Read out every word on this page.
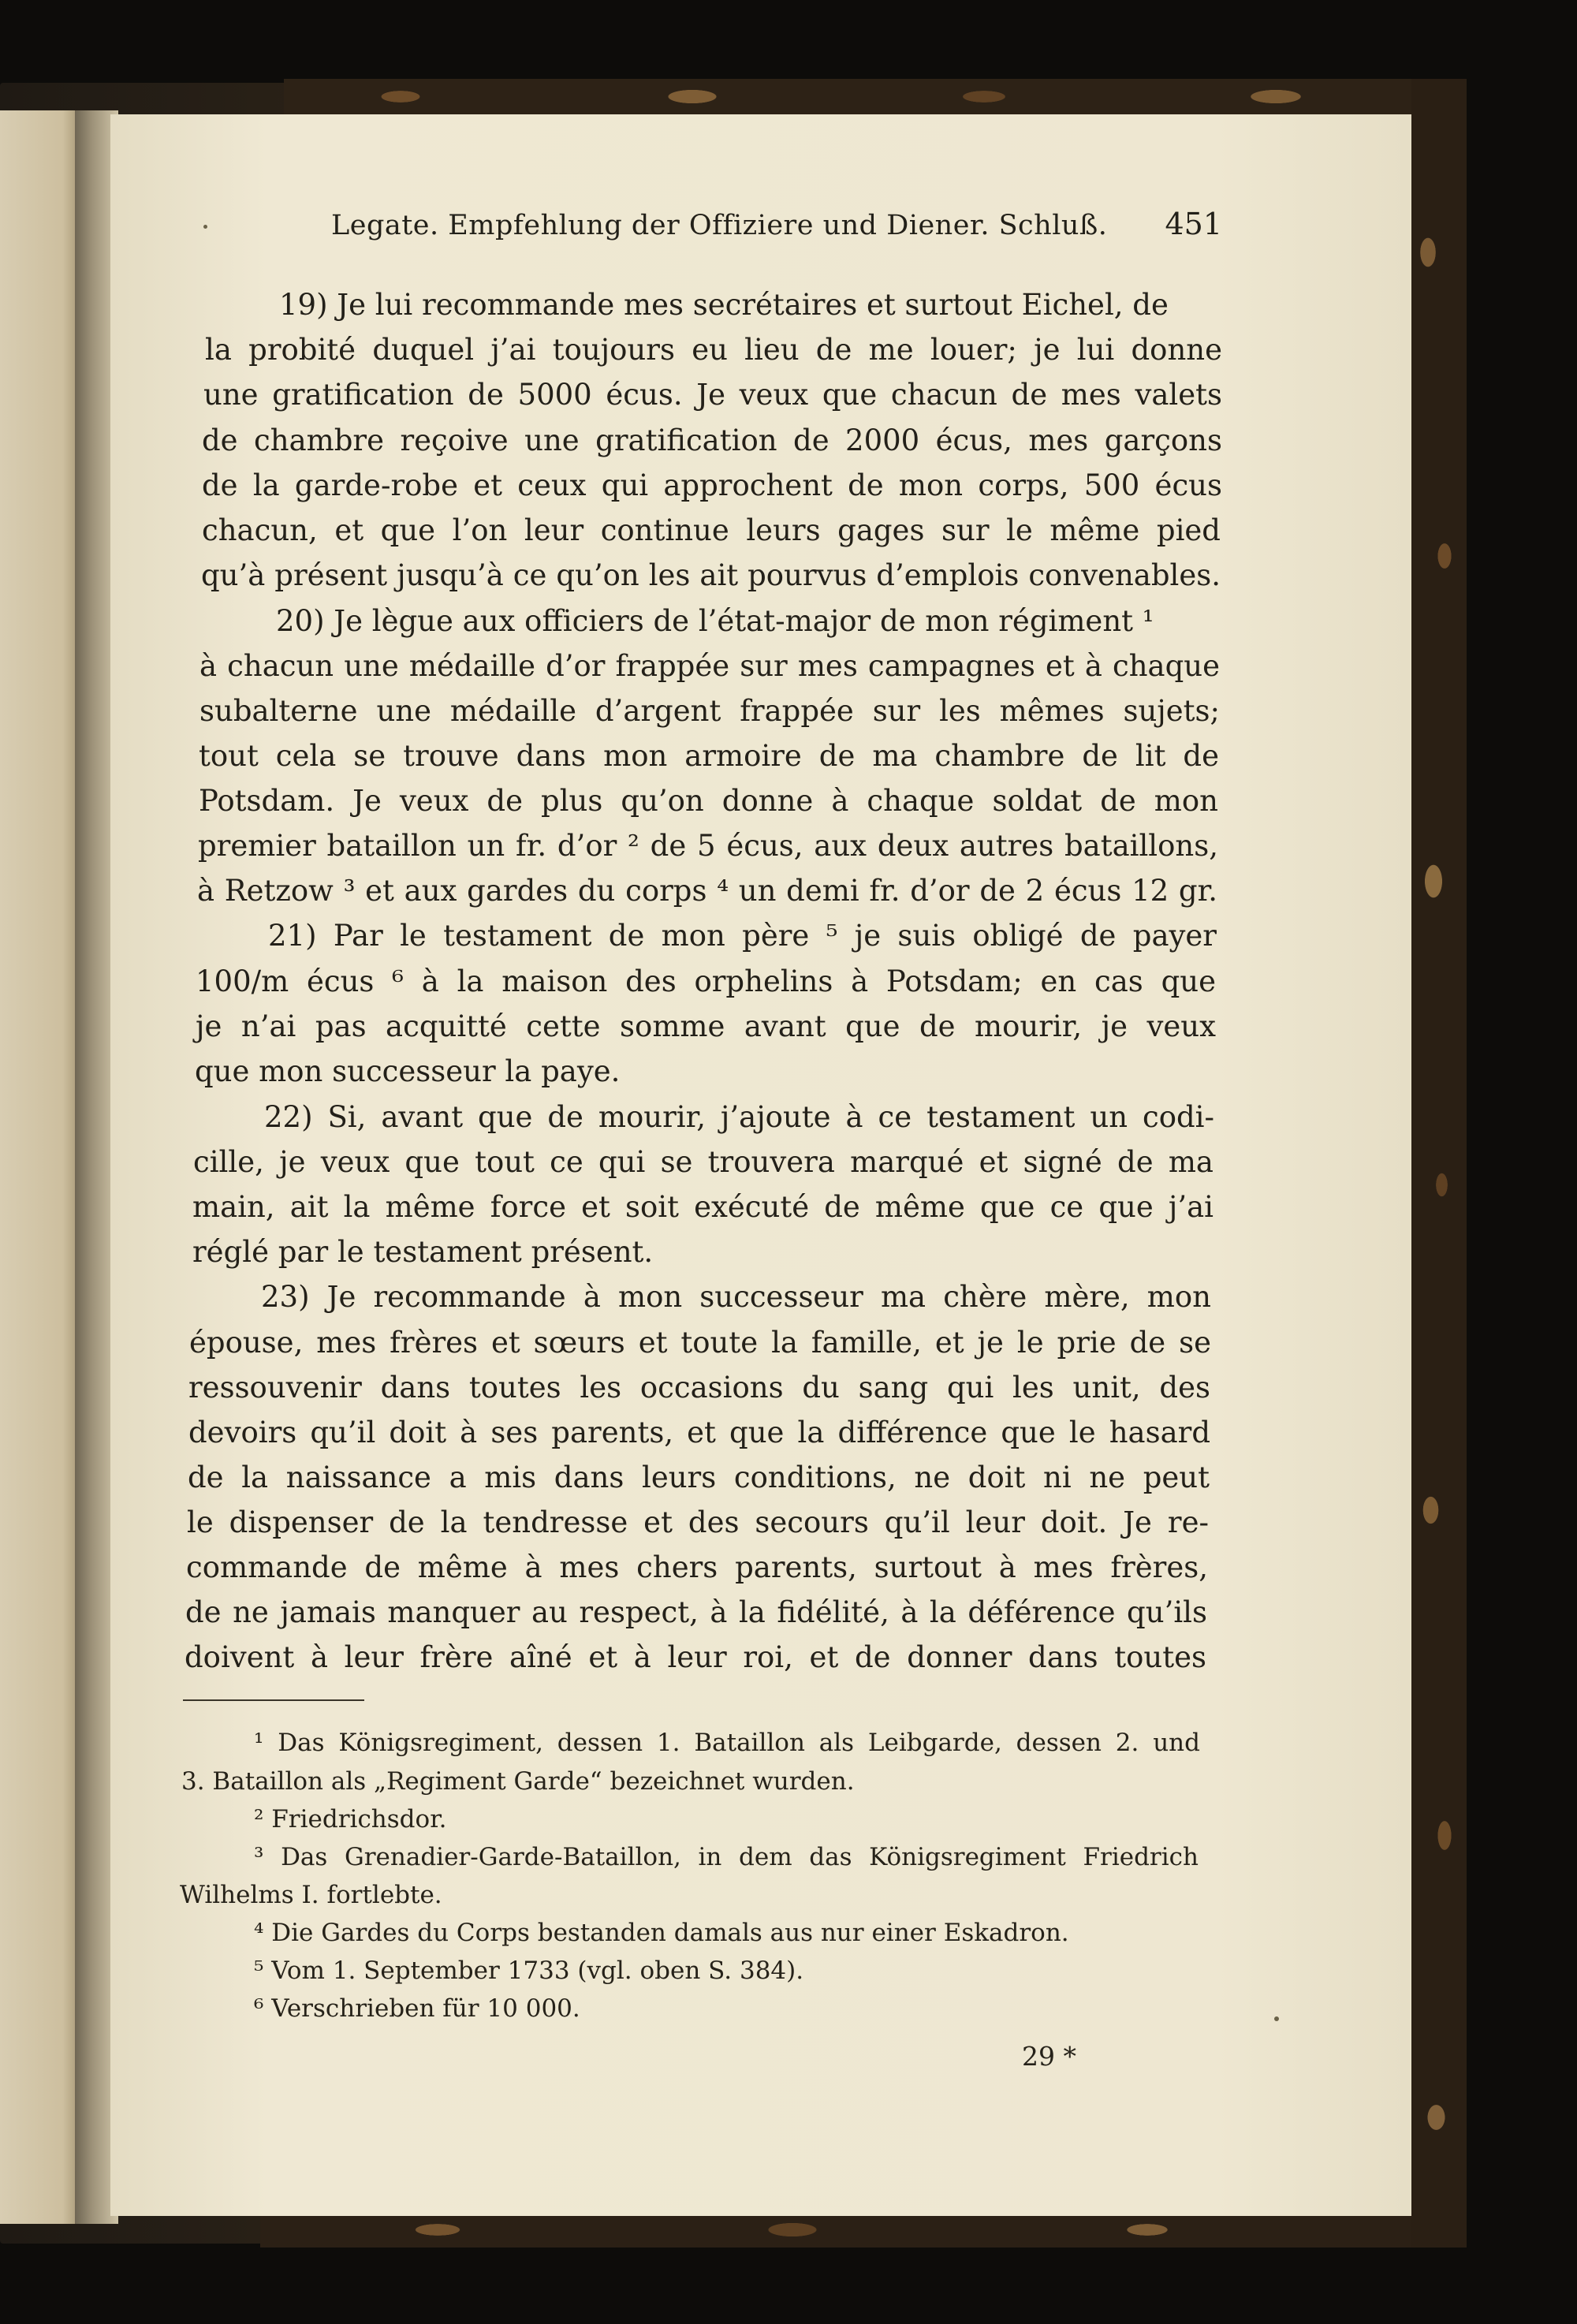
Legate. Empfehlung der Offiziere und Diener. Schluß. 451
19) Je lui recommande mes secrétaires et surtout Eichel, de
la probité duquel j’ai toujours eu lieu de me louer; je lui donne
une gratification de 5000 écus. Je veux que chacun de mes valets
de chambre reçoive une gratification de 2000 écus, mes garçons
de la garde-robe et ceux qui approchent de mon corps, 500 écus
chacun, et que l’on leur continue leurs gages sur le même pied
qu’à présent jusqu’à ce qu’on les ait pourvus d’emplois convenables.
20) Je lègue aux officiers de l’état-major de mon régiment ¹
à chacun une médaille d’or frappée sur mes campagnes et à chaque
subalterne une médaille d’argent frappée sur les mêmes sujets;
tout cela se trouve dans mon armoire de ma chambre de lit de
Potsdam. Je veux de plus qu’on donne à chaque soldat de mon
premier bataillon un fr. d’or ² de 5 écus, aux deux autres bataillons,
à Retzow ³ et aux gardes du corps ⁴ un demi fr. d’or de 2 écus 12 gr.
21) Par le testament de mon père ⁵ je suis obligé de payer
100/m écus ⁶ à la maison des orphelins à Potsdam; en cas que
je n’ai pas acquitté cette somme avant que de mourir, je veux
que mon successeur la paye.
22) Si, avant que de mourir, j’ajoute à ce testament un codi-
cille, je veux que tout ce qui se trouvera marqué et signé de ma
main, ait la même force et soit exécuté de même que ce que j’ai
réglé par le testament présent.
23) Je recommande à mon successeur ma chère mère, mon
épouse, mes frères et sœurs et toute la famille, et je le prie de se
ressouvenir dans toutes les occasions du sang qui les unit, des
devoirs qu’il doit à ses parents, et que la différence que le hasard
de la naissance a mis dans leurs conditions, ne doit ni ne peut
le dispenser de la tendresse et des secours qu’il leur doit. Je re-
commande de même à mes chers parents, surtout à mes frères,
de ne jamais manquer au respect, à la fidélité, à la déférence qu’ils
doivent à leur frère aîné et à leur roi, et de donner dans toutes
¹ Das Königsregiment, dessen 1. Bataillon als Leibgarde, dessen 2. und
3. Bataillon als „Regiment Garde“ bezeichnet wurden.
² Friedrichsdor.
³ Das Grenadier-Garde-Bataillon, in dem das Königsregiment Friedrich
Wilhelms I. fortlebte.
⁴ Die Gardes du Corps bestanden damals aus nur einer Eskadron.
⁵ Vom 1. September 1733 (vgl. oben S. 384).
⁶ Verschrieben für 10 000.
29 *
